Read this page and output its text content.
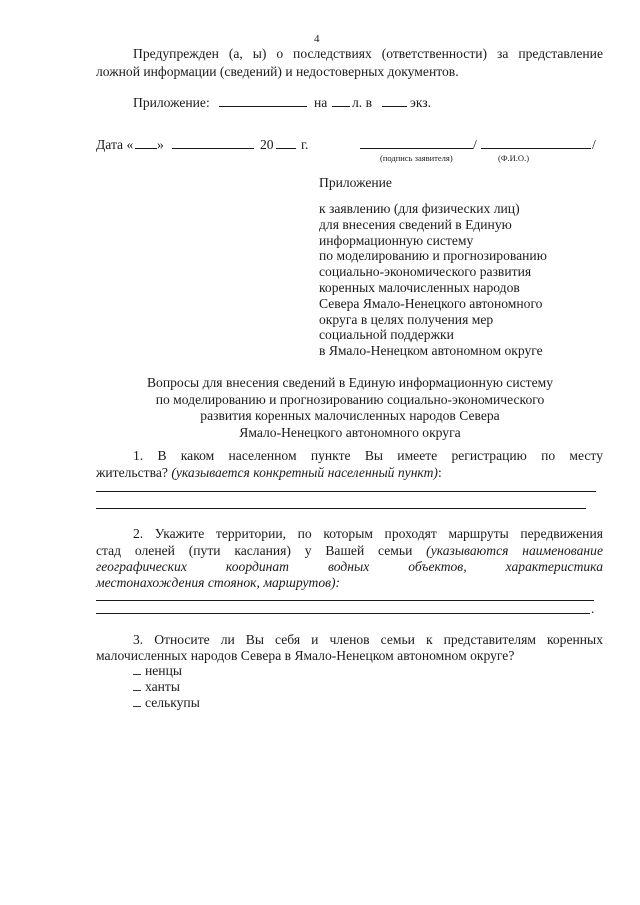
4
Предупрежден (а, ы) о последствиях (ответственности) за представление
ложной информации (сведений) и недостоверных документов.
Приложение:	на л. в	экз.
Дата « »	20 г.	/	/
(подпись заявителя)	(Ф.И.О.)
Приложение
к заявлению (для физических лиц)
для внесения сведений в Единую
информационную систему
по моделированию и прогнозированию
социально-экономического развития
коренных малочисленных народов
Севера Ямало-Ненецкого автономного
округа в целях получения мер
социальной поддержки
в Ямало-Ненецком автономном округе
Вопросы для внесения сведений в Единую информационную систему
по моделированию и прогнозированию социально-экономического
развития коренных малочисленных народов Севера
Ямало-Ненецкого автономного округа
1. В каком населенном пункте Вы имеете регистрацию по месту
жительства? (указывается конкретный населенный пункт):
2. Укажите территории, по которым проходят маршруты передвижения
стад оленей (пути каслания) у Вашей семьи (указываются наименование
географических координат водных объектов, характеристика
местонахождения стоянок, маршрутов):
.
3. Относите ли Вы себя и членов семьи к представителям коренных
малочисленных народов Севера в Ямало-Ненецком автономном округе?
ненцы
ханты
селькупы
